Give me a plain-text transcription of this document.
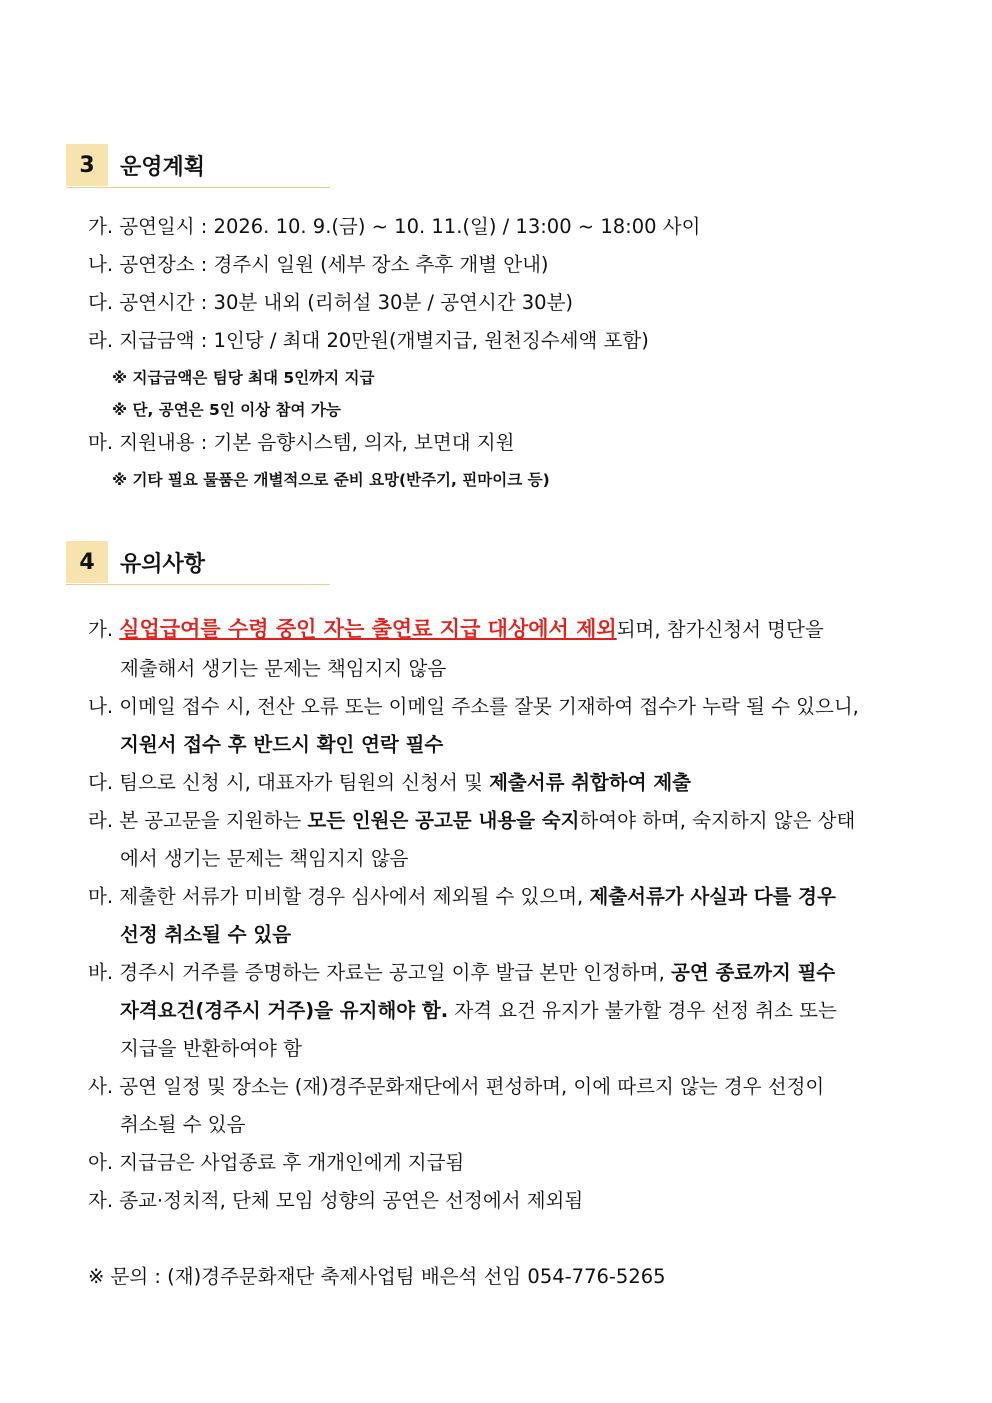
3	운영계획
가. 공연일시 : 2026. 10. 9.(금) ~ 10. 11.(일) / 13:00 ~ 18:00 사이
나. 공연장소 : 경주시 일원 (세부 장소 추후 개별 안내)
다. 공연시간 : 30분 내외 (리허설 30분 / 공연시간 30분)
라. 지급금액 : 1인당 / 최대 20만원(개별지급, 원천징수세액 포함)
※ 지급금액은 팀당 최대 5인까지 지급
※ 단, 공연은 5인 이상 참여 가능
마. 지원내용 : 기본 음향시스템, 의자, 보면대 지원
※ 기타 필요 물품은 개별적으로 준비 요망(반주기, 핀마이크 등)
4	유의사항
가. 실업급여를 수령 중인 자는 출연료 지급 대상에서 제외되며, 참가신청서 명단을
제출해서 생기는 문제는 책임지지 않음
나. 이메일 접수 시, 전산 오류 또는 이메일 주소를 잘못 기재하여 접수가 누락 될 수 있으니,
지원서 접수 후 반드시 확인 연락 필수
다. 팀으로 신청 시, 대표자가 팀원의 신청서 및 제출서류 취합하여 제출
라. 본 공고문을 지원하는 모든 인원은 공고문 내용을 숙지하여야 하며, 숙지하지 않은 상태
에서 생기는 문제는 책임지지 않음
마. 제출한 서류가 미비할 경우 심사에서 제외될 수 있으며, 제출서류가 사실과 다를 경우
선정 취소될 수 있음
바. 경주시 거주를 증명하는 자료는 공고일 이후 발급 본만 인정하며, 공연 종료까지 필수
자격요건(경주시 거주)을 유지해야 함. 자격 요건 유지가 불가할 경우 선정 취소 또는
지급을 반환하여야 함
사. 공연 일정 및 장소는 (재)경주문화재단에서 편성하며, 이에 따르지 않는 경우 선정이
취소될 수 있음
아. 지급금은 사업종료 후 개개인에게 지급됨
자. 종교·정치적, 단체 모임 성향의 공연은 선정에서 제외됨
※ 문의 : (재)경주문화재단 축제사업팀 배은석 선임 054-776-5265
